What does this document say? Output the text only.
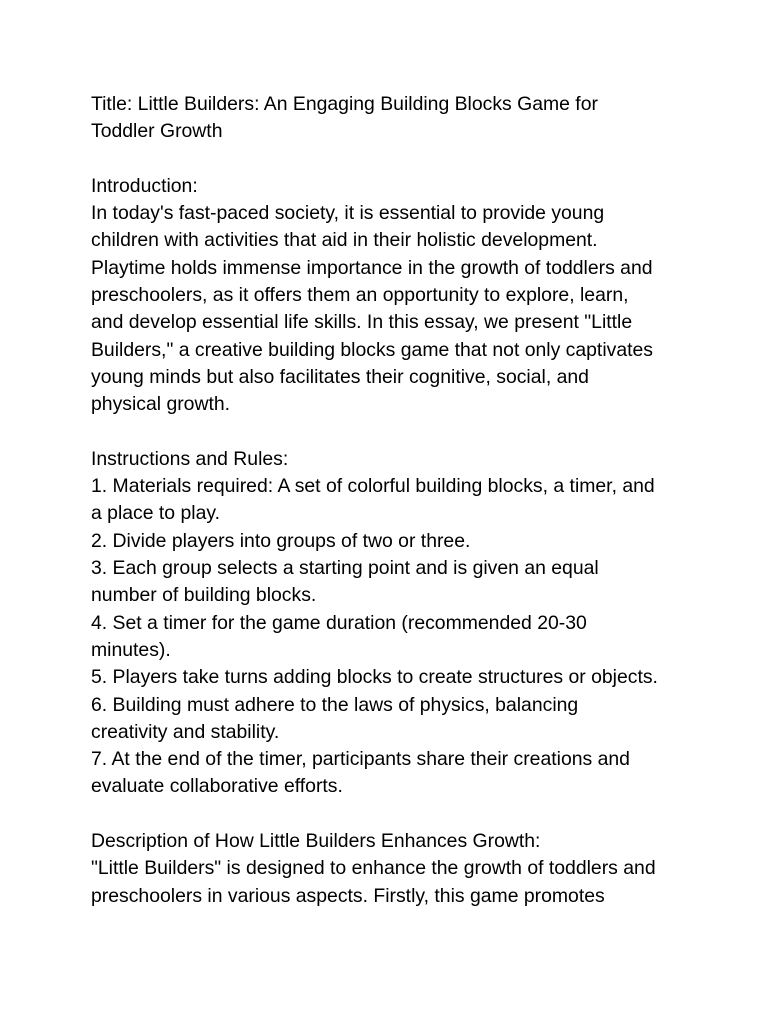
Title: Little Builders: An Engaging Building Blocks Game for
Toddler Growth

Introduction:
In today's fast-paced society, it is essential to provide young
children with activities that aid in their holistic development.
Playtime holds immense importance in the growth of toddlers and
preschoolers, as it offers them an opportunity to explore, learn,
and develop essential life skills. In this essay, we present "Little
Builders," a creative building blocks game that not only captivates
young minds but also facilitates their cognitive, social, and
physical growth.
Instructions and Rules:
1. Materials required: A set of colorful building blocks, a timer, and
a place to play.
2. Divide players into groups of two or three.
3. Each group selects a starting point and is given an equal
number of building blocks.
4. Set a timer for the game duration (recommended 20-30
minutes).
5. Players take turns adding blocks to create structures or objects.
6. Building must adhere to the laws of physics, balancing
creativity and stability.
7. At the end of the timer, participants share their creations and
evaluate collaborative efforts.
Description of How Little Builders Enhances Growth:
"Little Builders" is designed to enhance the growth of toddlers and
preschoolers in various aspects. Firstly, this game promotes
